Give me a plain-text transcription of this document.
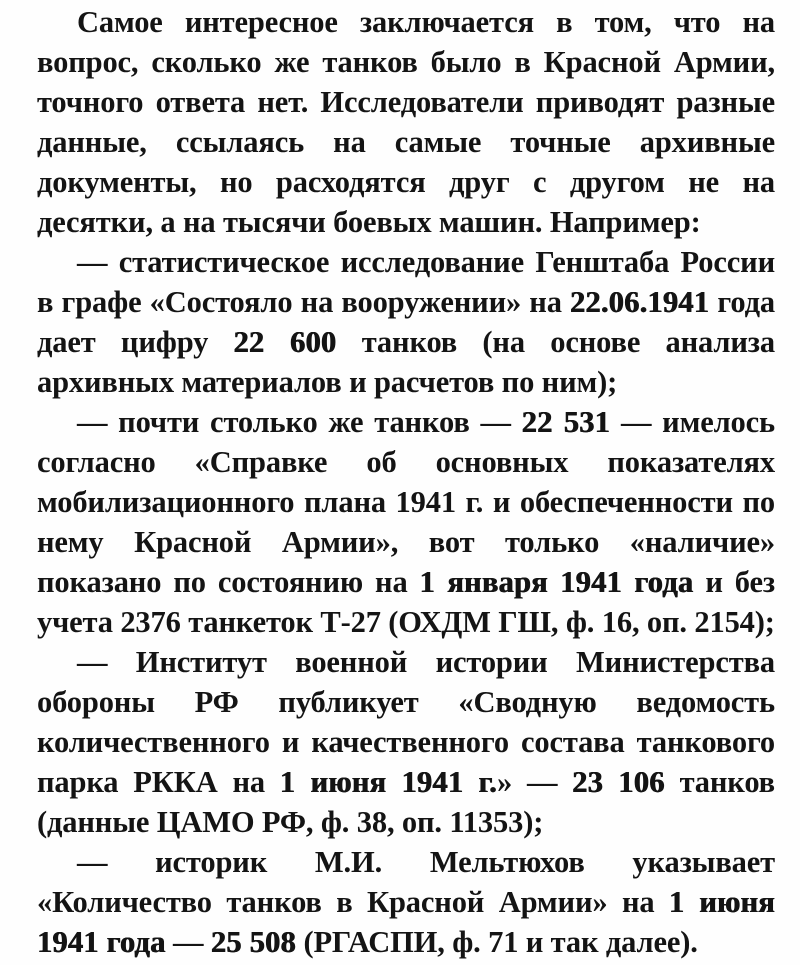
Самое интересное заключается в том, что на вопрос, сколько же танков было в Красной Армии, точного ответа нет. Исследователи приводят разные данные, ссылаясь на самые точные архивные документы, но расходятся друг с другом не на десятки, а на тысячи боевых машин. Например:

— статистическое исследование Генштаба России в графе «Состояло на вооружении» на 22.06.1941 года дает цифру 22 600 танков (на основе анализа архивных материалов и расчетов по ним);

— почти столько же танков — 22 531 — имелось согласно «Справке об основных показателях мобилизационного плана 1941 г. и обеспеченности по нему Красной Армии», вот только «наличие» показано по состоянию на 1 января 1941 года и без учета 2376 танкеток Т-27 (ОХДМ ГШ, ф. 16, оп. 2154);

— Институт военной истории Министерства обороны РФ публикует «Сводную ведомость количественного и качественного состава танкового парка РККА на 1 июня 1941 г.» — 23 106 танков (данные ЦАМО РФ, ф. 38, оп. 11353);

— историк М.И. Мельтюхов указывает «Количество танков в Красной Армии» на 1 июня 1941 года — 25 508 (РГАСПИ, ф. 71 и так далее).
